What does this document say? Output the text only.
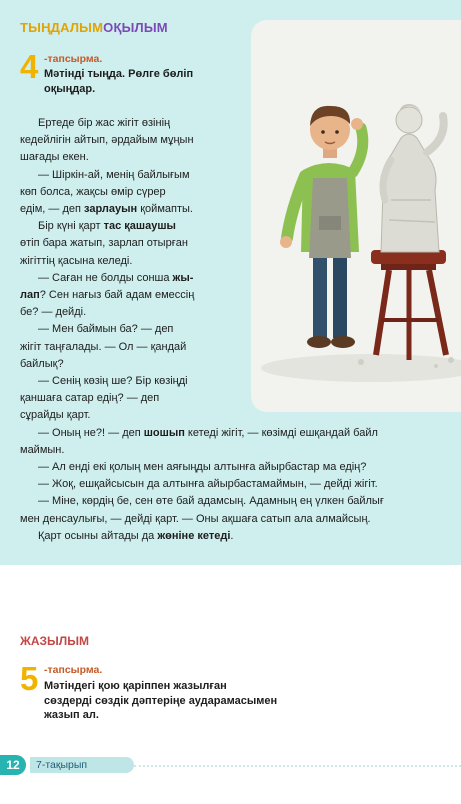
ТЫҢДАЛЫМОҚЫЛЫМ
4 -тапсырма.
Мәтінді тыңда. Рөлге бөліп
оқыңдар.
Ертеде бір жас жігіт өзінің
кедейлігін айтып, әрдайым мұңын
шағады екен.
— Шіркін-ай, менің байлығым
көп болса, жақсы өмір сүрер
едім, — деп зарлауын қоймапты.
Бір күні қарт тас қашаушы
өтіп бара жатып, зарлап отырған
жігіттің қасына келеді.
— Саған не болды сонша жы-
лап? Сен нағыз бай адам емессің
бе? — дейді.
— Мен баймын ба? — деп
жігіт таңғалады. — Ол — қандай
байлық?
— Сенің көзің ше? Бір көзіңді
қаншаға сатар едің? — деп
сұрайды қарт.
— Оның не?! — деп шошып кетеді жігіт, — көзімді ешқандай байл
маймын.
— Ал енді екі қолың мен аяғыңды алтынға айырбастар ма едің?
— Жоқ, ешқайсысын да алтынға айырбастамаймын, — дейді жігіт.
— Міне, көрдің бе, сен өте бай адамсың. Адамның ең үлкен байлығ
мен денсаулығы, — дейді қарт. — Оны ақшаға сатып ала алмайсың.
Қарт осыны айтады да жөніне кетеді.
ЖАЗЫЛЫМ
5 -тапсырма.
Мәтіндегі қою қаріппен жазылған
сөздерді сөздік дәптеріңе аударамасымен
жазып ал.
12	7-тақырып
